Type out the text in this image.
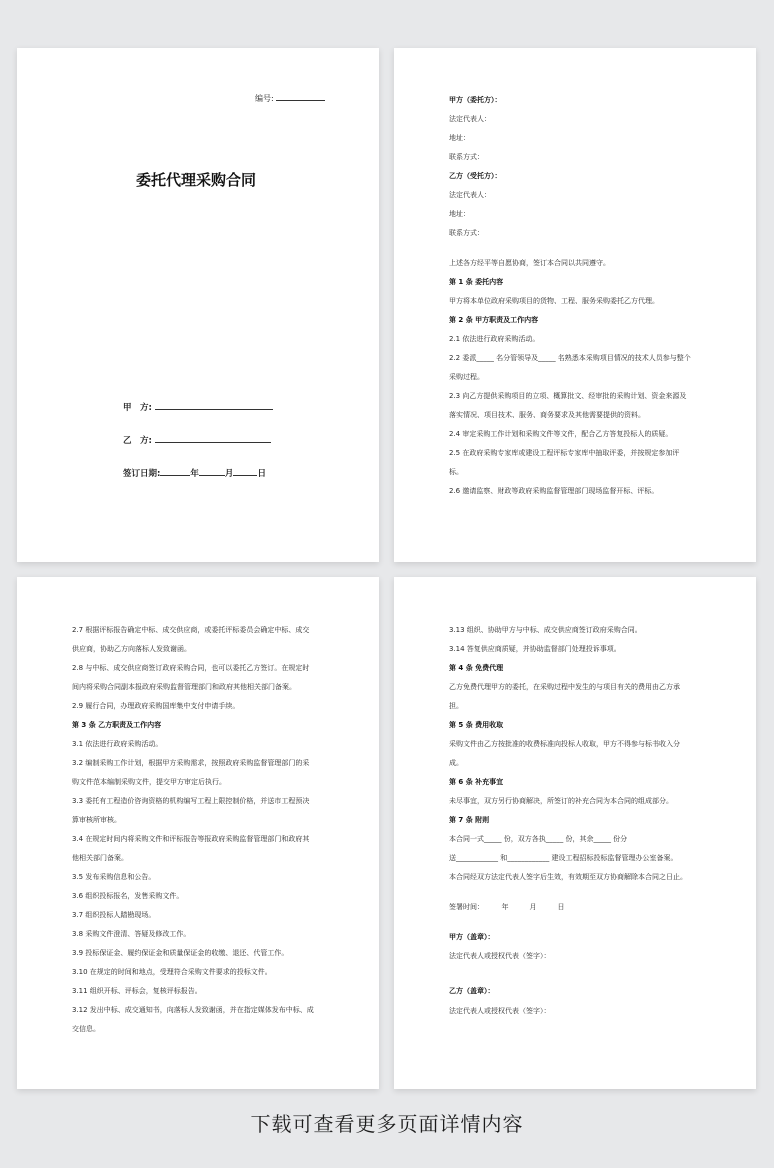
编号:
委托代理采购合同
甲　方:
乙　方:
签订日期:	年	月	日
甲方（委托方）：
法定代表人：
地址：
联系方式：
乙方（受托方）：
法定代表人：
地址：
联系方式：
上述各方经平等自愿协商，签订本合同以共同遵守。
第 1 条 委托内容
甲方将本单位政府采购项目的货物、工程、服务采购委托乙方代理。
第 2 条 甲方职责及工作内容
2.1 依法进行政府采购活动。
2.2 委派_____ 名分管领导及_____ 名熟悉本采购项目情况的技术人员参与整个
采购过程。
2.3 向乙方提供采购项目的立项、概算批文、经审批的采购计划、资金来源及
落实情况、项目技术、服务、商务要求及其他需要提供的资料。
2.4 审定采购工作计划和采购文件等文件，配合乙方答复投标人的质疑。
2.5 在政府采购专家库或建设工程评标专家库中抽取评委，并按规定参加评
标。
2.6 邀请监察、财政等政府采购监督管理部门现场监督开标、评标。
2.7 根据评标报告确定中标、成交供应商，或委托评标委员会确定中标、成交
供应商，协助乙方向落标人发致谢函。
2.8 与中标、成交供应商签订政府采购合同，也可以委托乙方签订。在规定时
间内将采购合同副本报政府采购监督管理部门和政府其他相关部门备案。
2.9 履行合同，办理政府采购国库集中支付申请手续。
第 3 条 乙方职责及工作内容
3.1 依法进行政府采购活动。
3.2 编制采购工作计划，根据甲方采购需求，按照政府采购监督管理部门的采
购文件范本编制采购文件，提交甲方审定后执行。
3.3 委托有工程造价咨询资格的机构编写工程上限控制价格，并送市工程预决
算审核所审核。
3.4 在规定时间内将采购文件和评标报告等报政府采购监督管理部门和政府其
他相关部门备案。
3.5 发布采购信息和公告。
3.6 组织投标报名，发售采购文件。
3.7 组织投标人踏勘现场。
3.8 采购文件澄清、答疑及修改工作。
3.9 投标保证金、履约保证金和质量保证金的收缴、退还、代管工作。
3.10 在规定的时间和地点，受理符合采购文件要求的投标文件。
3.11 组织开标、评标会，复核评标报告。
3.12 发出中标、成交通知书，向落标人发致谢函，并在指定媒体发布中标、成
交信息。
3.13 组织、协助甲方与中标、成交供应商签订政府采购合同。
3.14 答复供应商质疑，并协助监督部门处理投诉事项。
第 4 条 免费代理
乙方免费代理甲方的委托，在采购过程中发生的与项目有关的费用由乙方承
担。
第 5 条 费用收取
采购文件由乙方按批准的收费标准向投标人收取，甲方不得参与标书收入分
成。
第 6 条 补充事宜
未尽事宜，双方另行协商解决，所签订的补充合同为本合同的组成部分。
第 7 条 附则
本合同一式_____ 份，双方各执_____ 份，其余_____ 份分
送____________ 和____________ 建设工程招标投标监督管理办公室备案。
本合同经双方法定代表人签字后生效，有效期至双方协商解除本合同之日止。
签署时间：　　　年　　　月　　　日
甲方（盖章）：
法定代表人或授权代表（签字）：
乙方（盖章）：
法定代表人或授权代表（签字）：
下载可查看更多页面详情内容
